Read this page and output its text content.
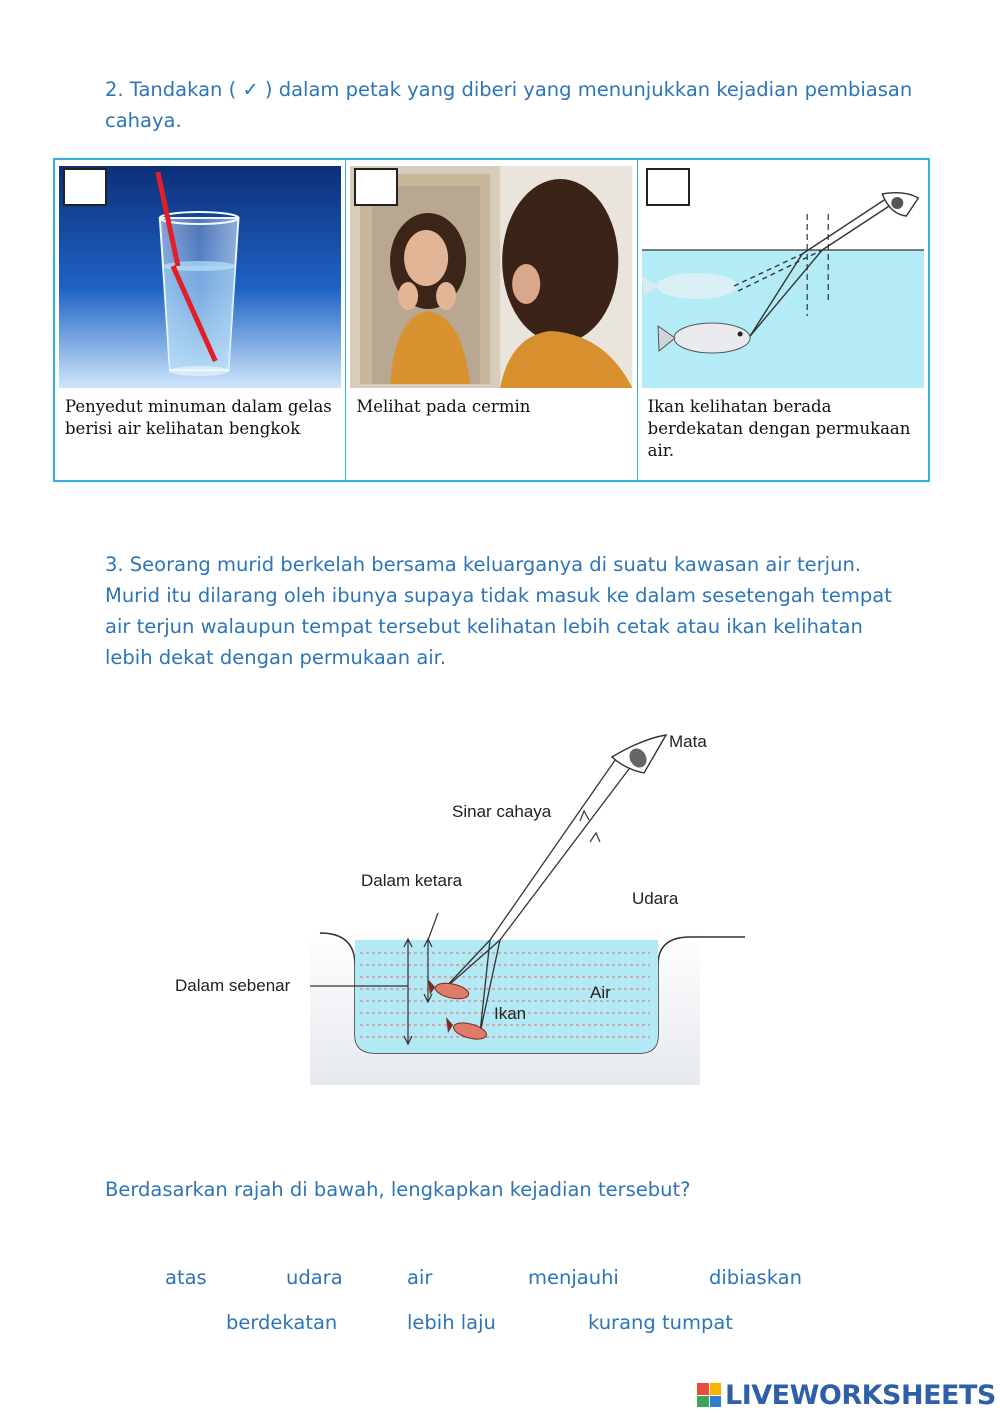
2. Tandakan ( ✓ ) dalam petak yang diberi yang menunjukkan kejadian pembiasan cahaya.
Penyedut minuman dalam gelas berisi air kelihatan bengkok
Melihat pada cermin	Ikan kelihatan berada berdekatan dengan permukaan air.
3. Seorang murid berkelah bersama keluarganya di suatu kawasan air terjun. Murid itu dilarang oleh ibunya supaya tidak masuk ke dalam sesetengah tempat air terjun walaupun tempat tersebut kelihatan lebih cetak atau ikan kelihatan lebih dekat dengan permukaan air.
Mata
Sinar cahaya
Dalam ketara
Udara
Dalam sebenar	Air
Ikan
Berdasarkan rajah di bawah, lengkapkan kejadian tersebut?
atas	udara	air	menjauhi	dibiaskan
berdekatan	lebih laju	kurang tumpat
LIVEWORKSHEETS
